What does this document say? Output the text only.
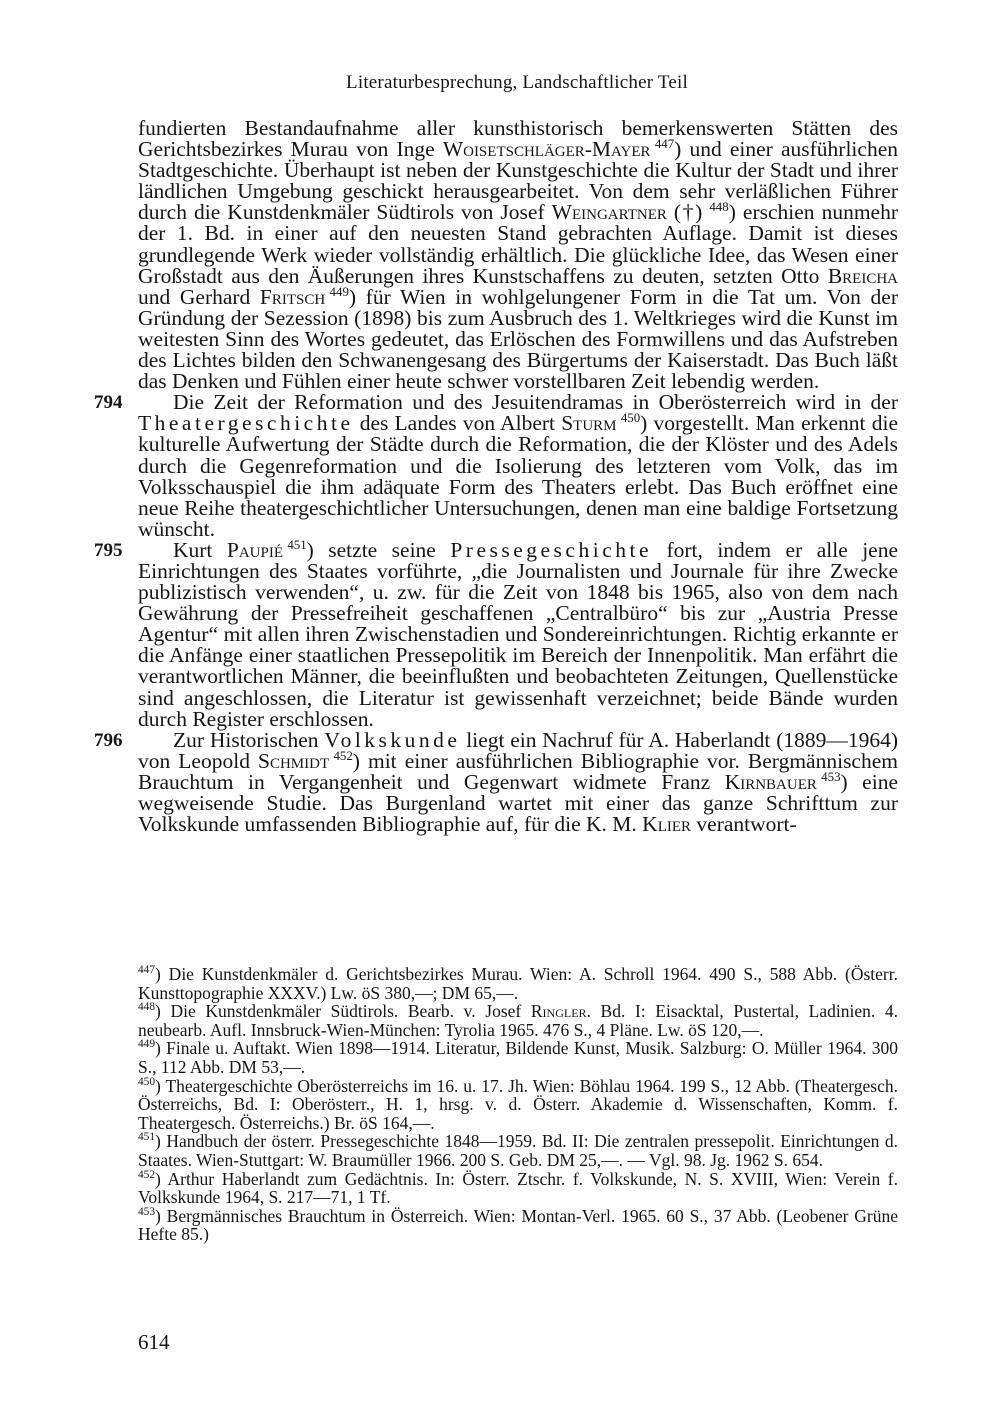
Literaturbesprechung, Landschaftlicher Teil

fundierten Bestandaufnahme aller kunsthistorisch bemerkenswerten Stätten des Gerichtsbezirkes Murau von Inge Woisetschläger-Mayer  $^{447}$) und einer ausführlichen Stadtgeschichte. Überhaupt ist neben der Kunstgeschichte die Kultur der Stadt und ihrer ländlichen Umgebung geschickt herausgearbeitet. Von dem sehr verläßlichen Führer durch die Kunstdenkmäler Südtirols von Josef Weingartner (†) $^{448}$) erschien nunmehr der 1. Bd. in einer auf den neuesten Stand gebrachten Auflage. Damit ist dieses grundlegende Werk wieder vollständig erhältlich. Die glückliche Idee, das Wesen einer Großstadt aus den Äußerungen ihres Kunstschaffens zu deuten, setzten Otto Breicha und Gerhard Fritsch  $^{449}$) für Wien in wohlgelungener Form in die Tat um. Von der Gründung der Sezession (1898) bis zum Ausbruch des 1. Weltkrieges wird die Kunst im weitesten Sinn des Wortes gedeutet, das Erlöschen des Formwillens und das Aufstreben des Lichtes bilden den Schwanengesang des Bürgertums der Kaiserstadt. Das Buch läßt das Denken und Fühlen einer heute schwer vorstellbaren Zeit lebendig werden.

794 Die Zeit der Reformation und des Jesuitendramas in Oberösterreich wird in der Theatergeschichte des Landes von Albert Sturm  $^{450}$) vorgestellt. Man erkennt die kulturelle Aufwertung der Städte durch die Reformation, die der Klöster und des Adels durch die Gegenreformation und die Isolierung des letzteren vom Volk, das im Volksschauspiel die ihm adäquate Form des Theaters erlebt. Das Buch eröffnet eine neue Reihe theatergeschichtlicher Untersuchungen, denen man eine baldige Fortsetzung wünscht.

795 Kurt Paupié  $^{451}$) setzte seine Pressegeschichte fort, indem er alle jene Einrichtungen des Staates vorführte, „die Journalisten und Journale für ihre Zwecke publizistisch verwenden“, u. zw. für die Zeit von 1848 bis 1965, also von dem nach Gewährung der Pressefreiheit geschaffenen „Centralbüro“ bis zur „Austria Presse Agentur“ mit allen ihren Zwischenstadien und Sondereinrichtungen. Richtig erkannte er die Anfänge einer staatlichen Pressepolitik im Bereich der Innenpolitik. Man erfährt die verantwortlichen Männer, die beeinflußten und beobachteten Zeitungen, Quellenstücke sind angeschlossen, die Literatur ist gewissenhaft verzeichnet; beide Bände wurden durch Register erschlossen.

796 Zur Historischen Volkskunde liegt ein Nachruf für A. Haberlandt (1889—1964) von Leopold Schmidt  $^{452}$) mit einer ausführlichen Bibliographie vor. Bergmännischem Brauchtum in Vergangenheit und Gegenwart widmete Franz Kirnbauer  $^{453}$) eine wegweisende Studie. Das Burgenland wartet mit einer das ganze Schrifttum zur Volkskunde umfassenden Bibliographie auf, für die K. M. Klier verantwort-

$^{447}$) Die Kunstdenkmäler d. Gerichtsbezirkes Murau. Wien: A. Schroll 1964. 490 S., 588 Abb. (Österr. Kunsttopographie XXXV.) Lw. öS 380,—; DM 65,—.

$^{448}$) Die Kunstdenkmäler Südtirols. Bearb. v. Josef Ringler. Bd. I: Eisacktal, Pustertal, Ladinien. 4. neubearb. Aufl. Innsbruck-Wien-München: Tyrolia 1965. 476 S., 4 Pläne. Lw. öS 120,—.

$^{449}$) Finale u. Auftakt. Wien 1898—1914. Literatur, Bildende Kunst, Musik. Salzburg: O. Müller 1964. 300 S., 112 Abb. DM 53,—.

$^{450}$) Theatergeschichte Oberösterreichs im 16. u. 17. Jh. Wien: Böhlau 1964. 199 S., 12 Abb. (Theatergesch. Österreichs, Bd. I: Oberösterr., H. 1, hrsg. v. d. Österr. Akademie d. Wissenschaften, Komm. f. Theatergesch. Österreichs.) Br. öS 164,—.

$^{451}$) Handbuch der österr. Pressegeschichte 1848—1959. Bd. II: Die zentralen pressepolit. Einrichtungen d. Staates. Wien-Stuttgart: W. Braumüller 1966. 200 S. Geb. DM 25,—. — Vgl. 98. Jg. 1962 S. 654.

$^{452}$) Arthur Haberlandt zum Gedächtnis. In: Österr. Ztschr. f. Volkskunde, N. S. XVIII, Wien: Verein f. Volkskunde 1964, S. 217—71, 1 Tf.

$^{453}$) Bergmännisches Brauchtum in Österreich. Wien: Montan-Verl. 1965. 60 S., 37 Abb. (Leobener Grüne Hefte 85.)

614
